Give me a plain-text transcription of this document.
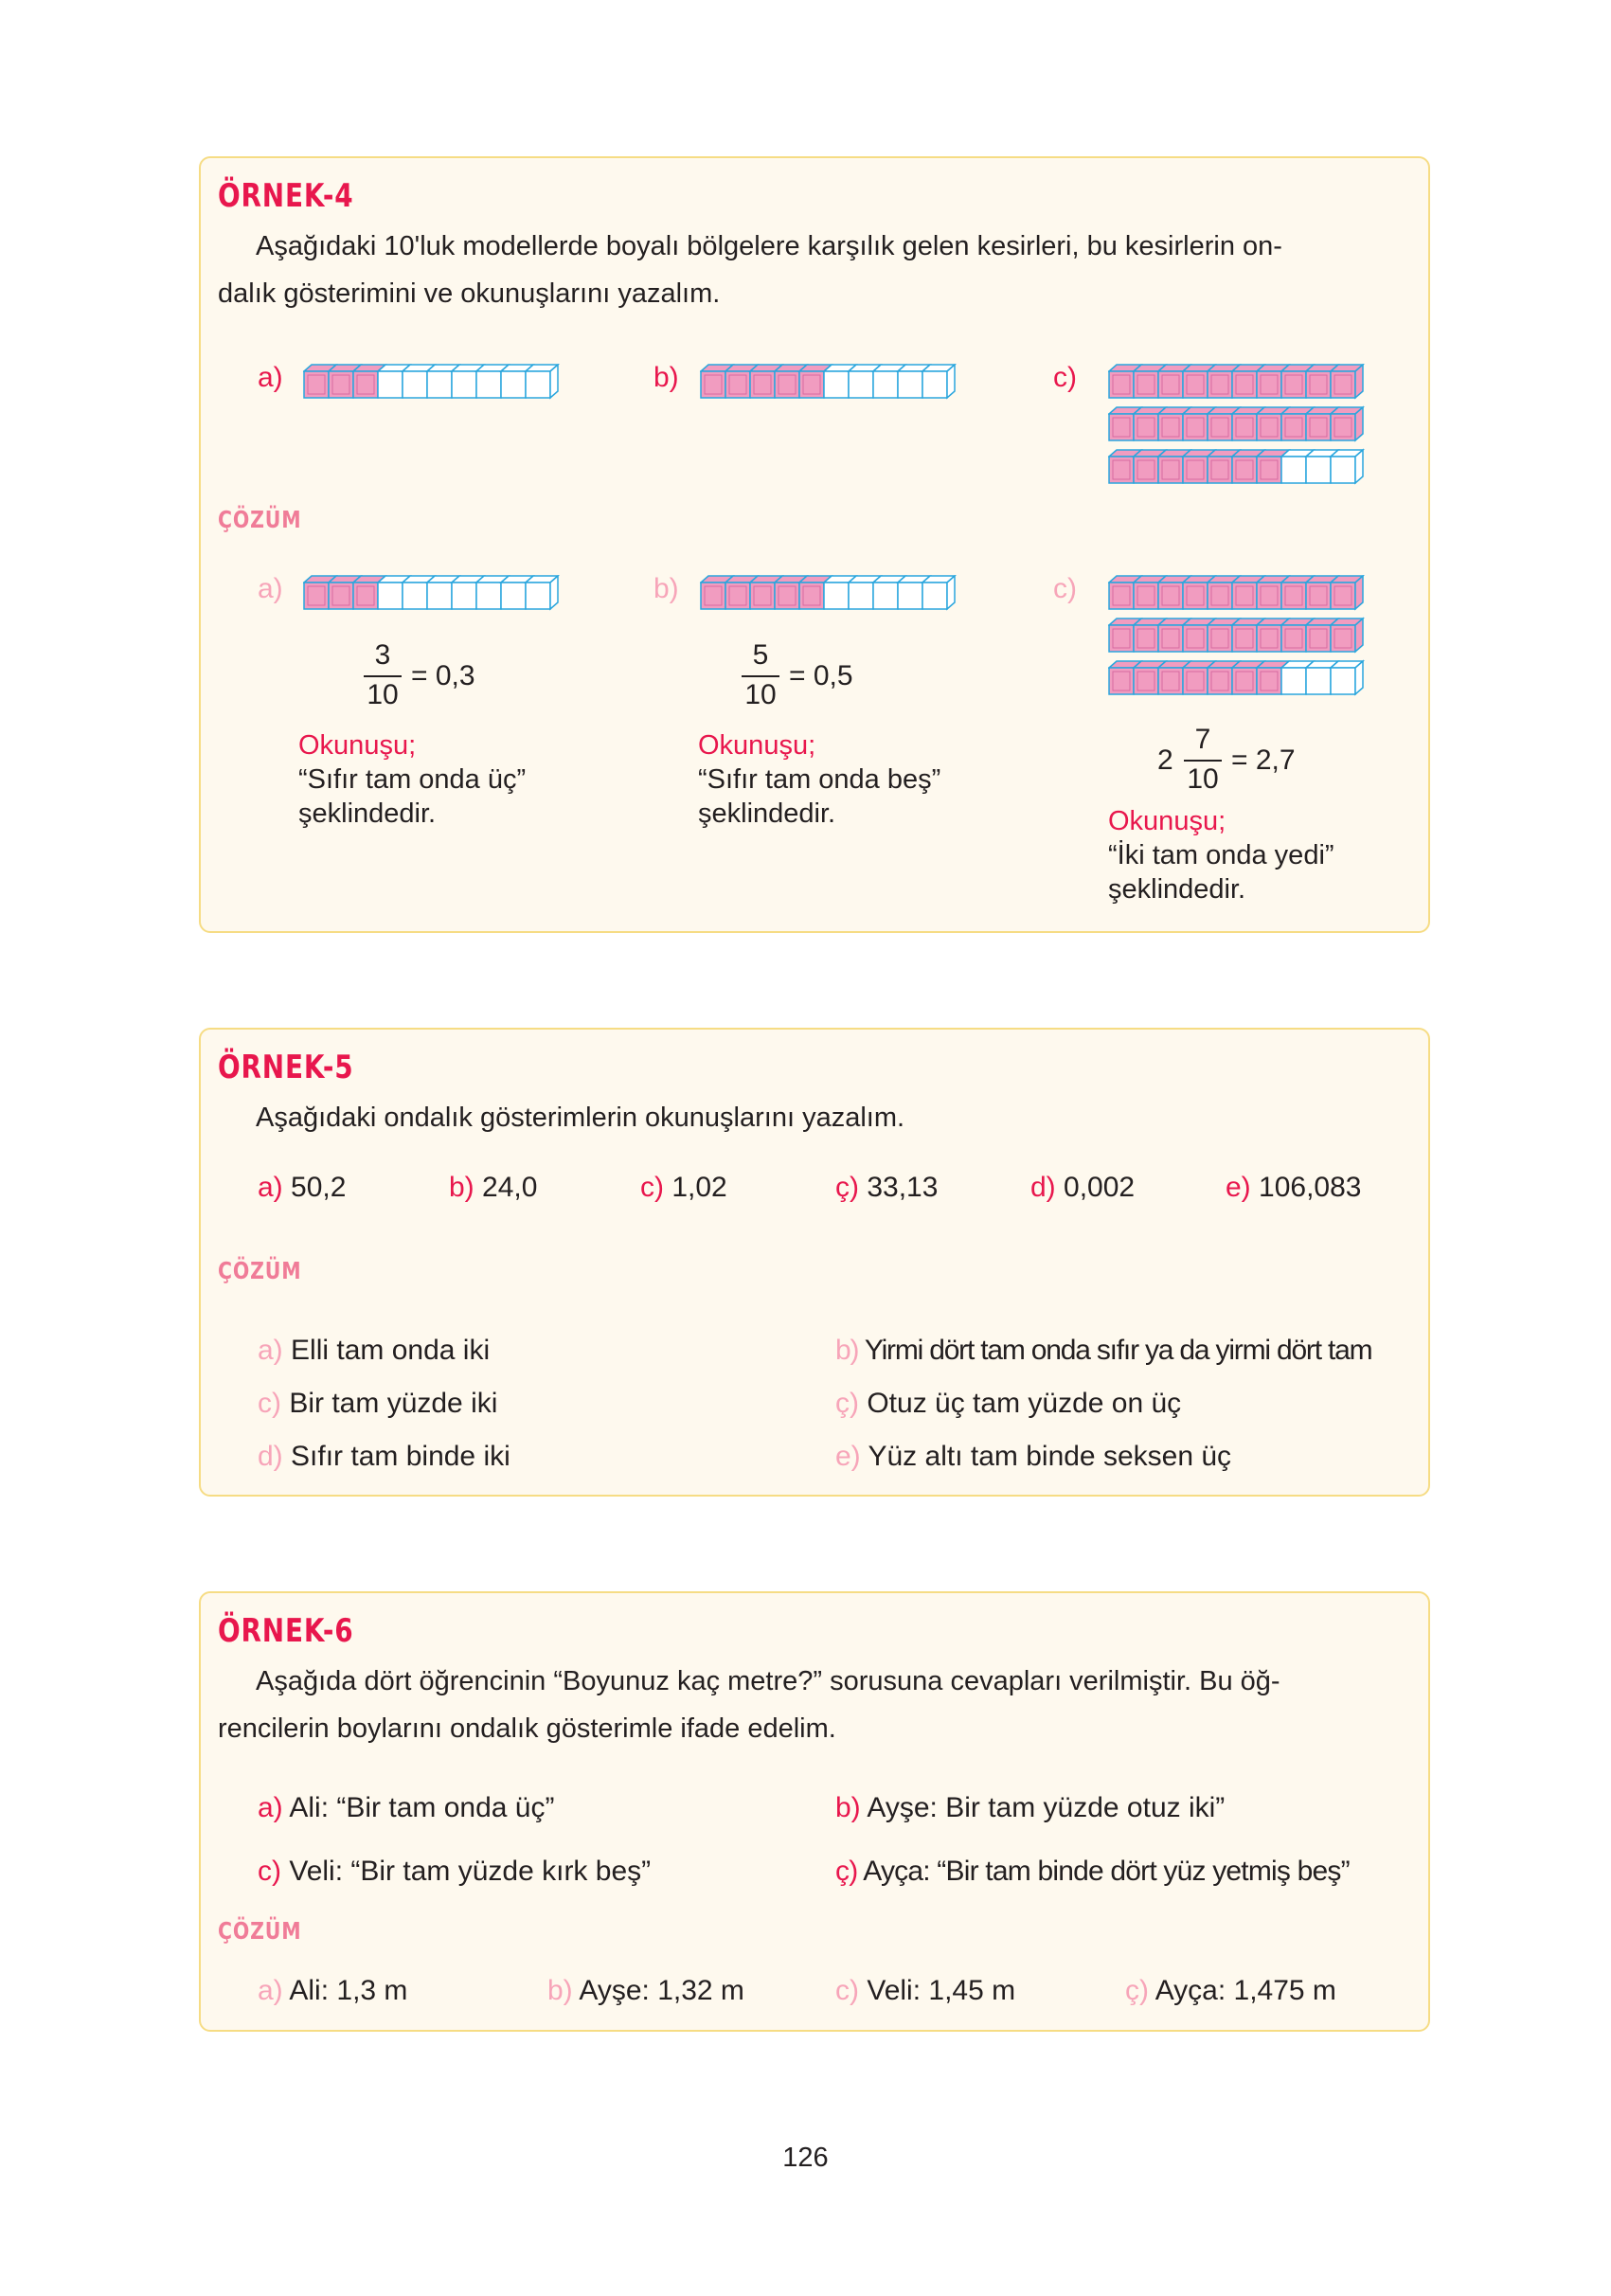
ÖRNEK-4
Aşağıdaki 10'luk modellerde boyalı bölgelere karşılık gelen kesirleri, bu kesirlerin on-
dalık gösterimini ve okunuşlarını yazalım.
a)	b)	c)
ÇÖZÜM
a)	b)	c)
3
10
= 0,3
Okunuşu;
“Sıfır tam onda üç”
şeklindedir.
5
10
= 0,5
Okunuşu;
“Sıfır tam onda beş”
şeklindedir.
2
7
10
= 2,7
Okunuşu;
“İki tam onda yedi”
şeklindedir.
ÖRNEK-5
Aşağıdaki ondalık gösterimlerin okunuşlarını yazalım.
a) 50,2	b) 24,0	c) 1,02	ç) 33,13	d) 0,002	e) 106,083
ÇÖZÜM
a) Elli tam onda iki	b) Yirmi dört tam onda sıfır ya da yirmi dört tam
c) Bir tam yüzde iki	ç) Otuz üç tam yüzde on üç
d) Sıfır tam binde iki	e) Yüz altı tam binde seksen üç
ÖRNEK-6
Aşağıda dört öğrencinin “Boyunuz kaç metre?” sorusuna cevapları verilmiştir. Bu öğ-
rencilerin boylarını ondalık gösterimle ifade edelim.
a) Ali: “Bir tam onda üç”	b) Ayşe: Bir tam yüzde otuz iki”
c) Veli: “Bir tam yüzde kırk beş”	ç) Ayça: “Bir tam binde dört yüz yetmiş beş”
ÇÖZÜM
a) Ali: 1,3 m	b) Ayşe: 1,32 m	c) Veli: 1,45 m	ç) Ayça: 1,475 m
126
